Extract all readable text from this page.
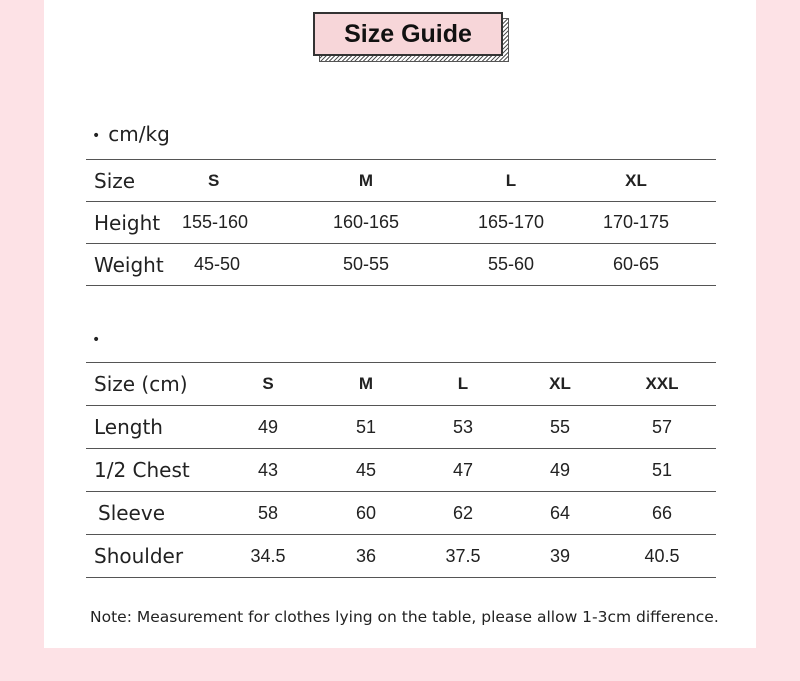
Size Guide
• cm/kg
Size	S	M	L	XL
Height	155-160	160-165	165-170	170-175
Weight	45-50	50-55	55-60	60-65
•
Size (cm)	S	M	L	XL	XXL
Length	49	51	53	55	57
1/2 Chest	43	45	47	49	51
Sleeve	58	60	62	64	66
Shoulder	34.5	36	37.5	39	40.5
Note: Measurement for clothes lying on the table, please allow 1-3cm difference.
